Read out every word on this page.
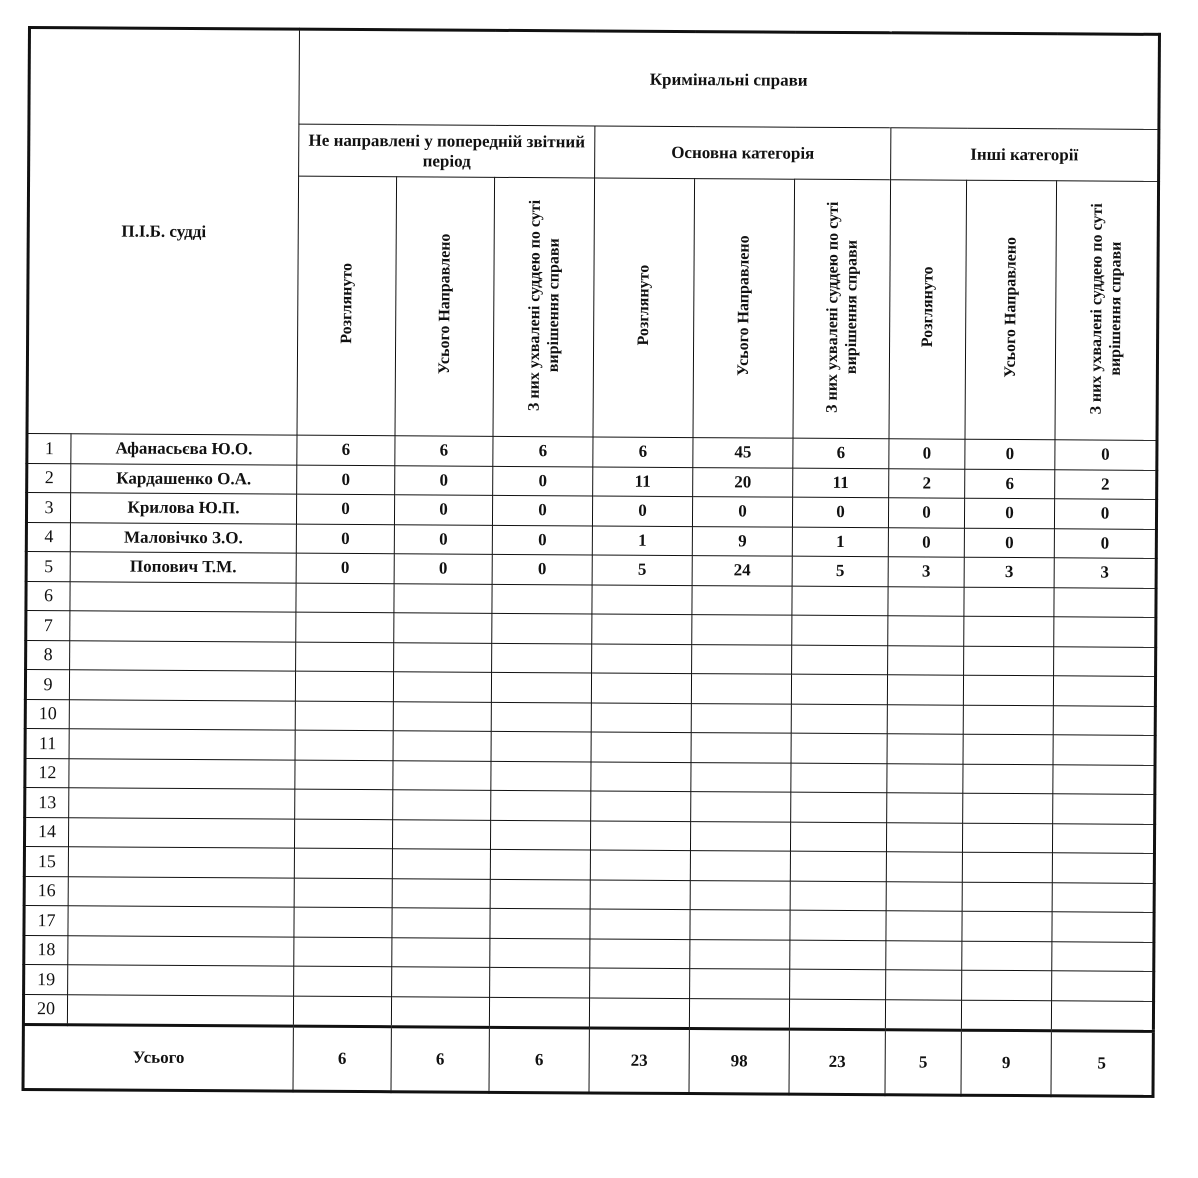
П.І.Б. судді		Кримінальні справи								
		Не направлені у попередній звітний період			Основна категорія			Інші категорії		
		Розглянуто	Усього Направлено	З них ухвалені суддею по суті вирішення справи	Розглянуто	Усього Направлено	З них ухвалені суддею по суті вирішення справи	Розглянуто	Усього Направлено	З них ухвалені суддею по суті вирішення справи
1	Афанасьєва Ю.О.	6	6	6	6	45	6	0	0	0
2	Кардашенко О.А.	0	0	0	11	20	11	2	6	2
3	Крилова Ю.П.	0	0	0	0	0	0	0	0	0
4	Маловічко З.О.	0	0	0	1	9	1	0	0	0
5	Попович Т.М.	0	0	0	5	24	5	3	3	3
6										
7										
8										
9										
10										
11										
12										
13										
14										
15										
16										
17										
18										
19										
20										
Усього		6	6	6	23	98	23	5	9	5
